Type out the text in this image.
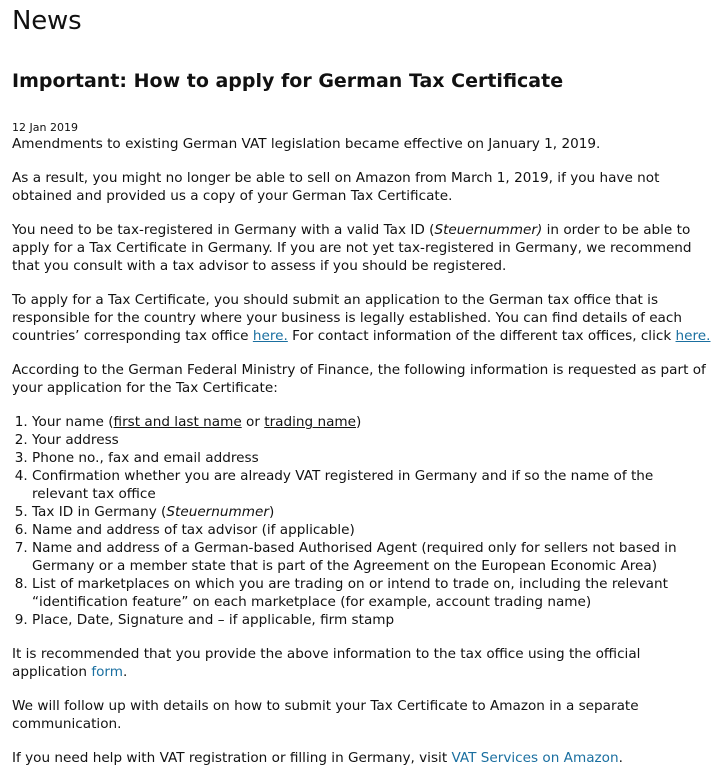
News
Important: How to apply for German Tax Certificate
12 Jan 2019

Amendments to existing German VAT legislation became effective on January 1, 2019.

As a result, you might no longer be able to sell on Amazon from March 1, 2019, if you have not obtained and provided us a copy of your German Tax Certificate.

You need to be tax-registered in Germany with a valid Tax ID (Steuernummer) in order to be able to apply for a Tax Certificate in Germany. If you are not yet tax-registered in Germany, we recommend that you consult with a tax advisor to assess if you should be registered.

To apply for a Tax Certificate, you should submit an application to the German tax office that is responsible for the country where your business is legally established. You can find details of each countries’ corresponding tax office here. For contact information of the different tax offices, click here.

According to the German Federal Ministry of Finance, the following information is requested as part of your application for the Tax Certificate:

1. Your name (first and last name or trading name)
2. Your address
3. Phone no., fax and email address
4. Confirmation whether you are already VAT registered in Germany and if so the name of the relevant tax office
5. Tax ID in Germany (Steuernummer)
6. Name and address of tax advisor (if applicable)
7. Name and address of a German-based Authorised Agent (required only for sellers not based in Germany or a member state that is part of the Agreement on the European Economic Area)
8. List of marketplaces on which you are trading on or intend to trade on, including the relevant “identification feature” on each marketplace (for example, account trading name)
9. Place, Date, Signature and – if applicable, firm stamp

It is recommended that you provide the above information to the tax office using the official application form.

We will follow up with details on how to submit your Tax Certificate to Amazon in a separate communication.

If you need help with VAT registration or filling in Germany, visit VAT Services on Amazon.
